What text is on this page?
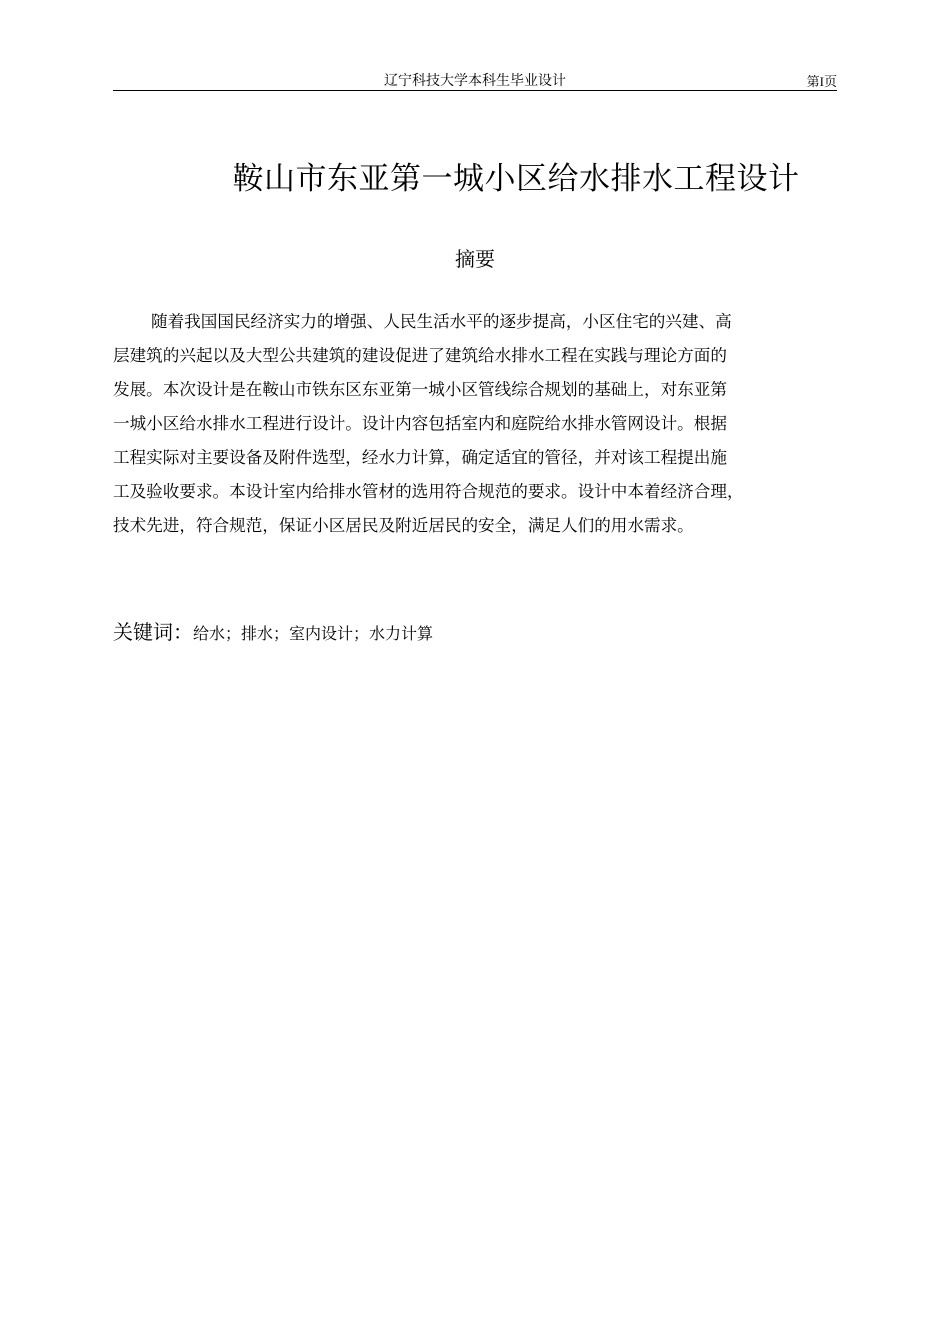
辽宁科技大学本科生毕业设计	第I页
鞍山市东亚第一城小区给水排水工程设计
摘要
随着我国国民经济实力的增强、人民生活水平的逐步提高，小区住宅的兴建、高
层建筑的兴起以及大型公共建筑的建设促进了建筑给水排水工程在实践与理论方面的
发展。本次设计是在鞍山市铁东区东亚第一城小区管线综合规划的基础上，对东亚第
一城小区给水排水工程进行设计。设计内容包括室内和庭院给水排水管网设计。根据
工程实际对主要设备及附件选型，经水力计算，确定适宜的管径，并对该工程提出施
工及验收要求。本设计室内给排水管材的选用符合规范的要求。设计中本着经济合理，
技术先进，符合规范，保证小区居民及附近居民的安全，满足人们的用水需求。
关键词：给水；排水；室内设计；水力计算
